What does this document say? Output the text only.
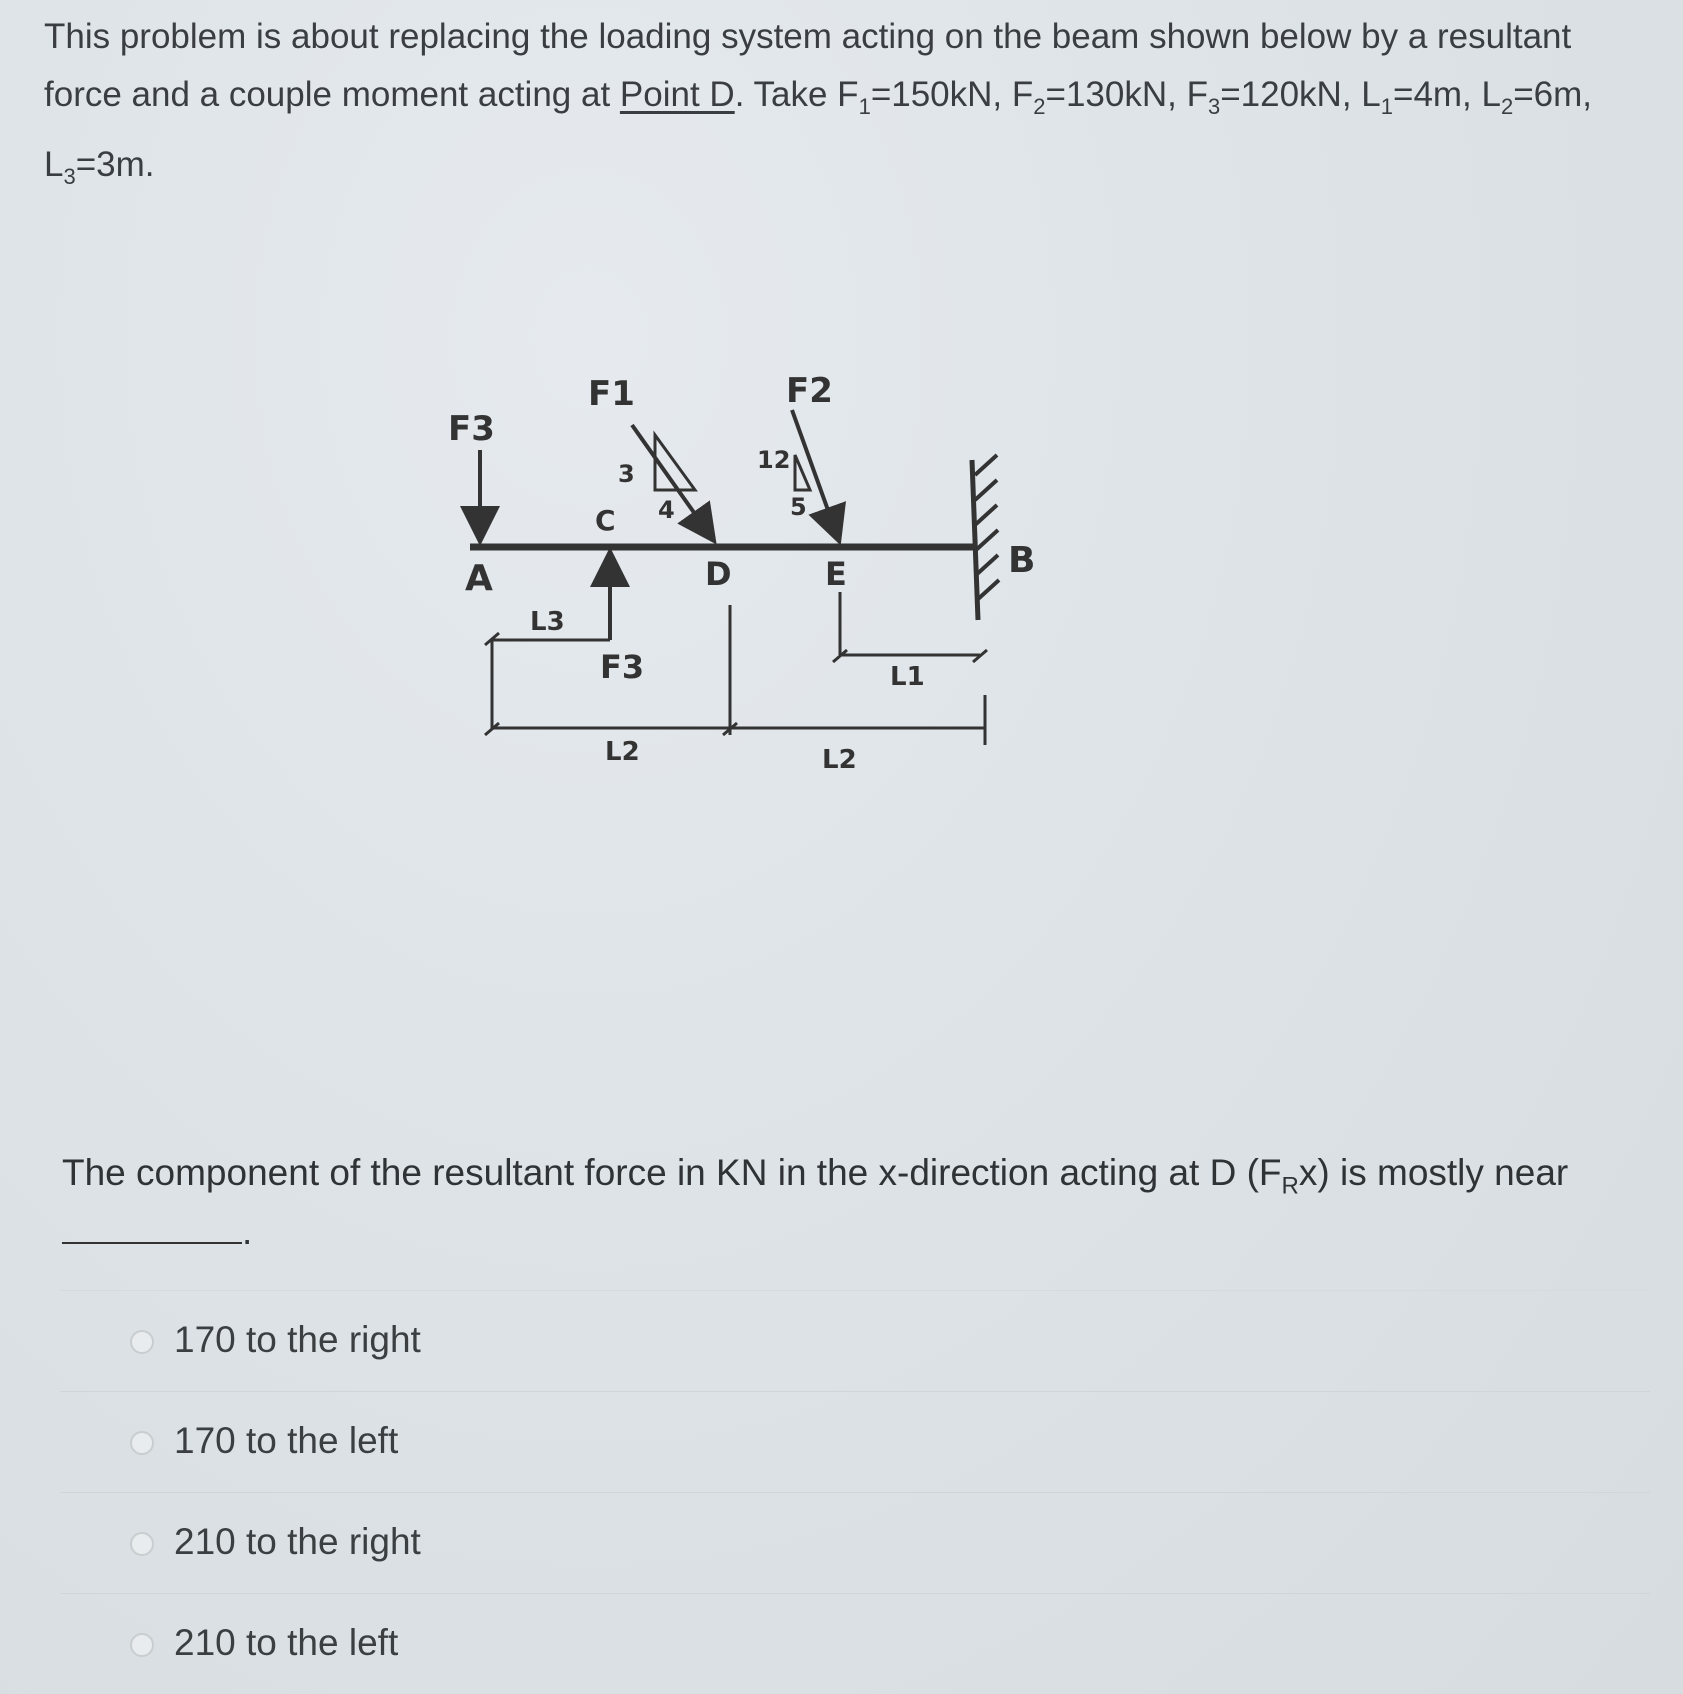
This problem is about replacing the loading system acting on the beam shown below by a resultant force and a couple moment acting at Point D. Take $F_1=150kN$, $F_2=130kN$, $F_3=120kN$, $L_1=4m$, $L_2=6m$, $L_3=3m$.
F3
F1	F2
3
4
12
5
A	B
C
D	E
F3
L3
L1
L2	L2
The component of the resultant force in KN in the x-direction acting at D $(F_Rx)$ is mostly near.
170 to the right
170 to the left
210 to the right
210 to the left
